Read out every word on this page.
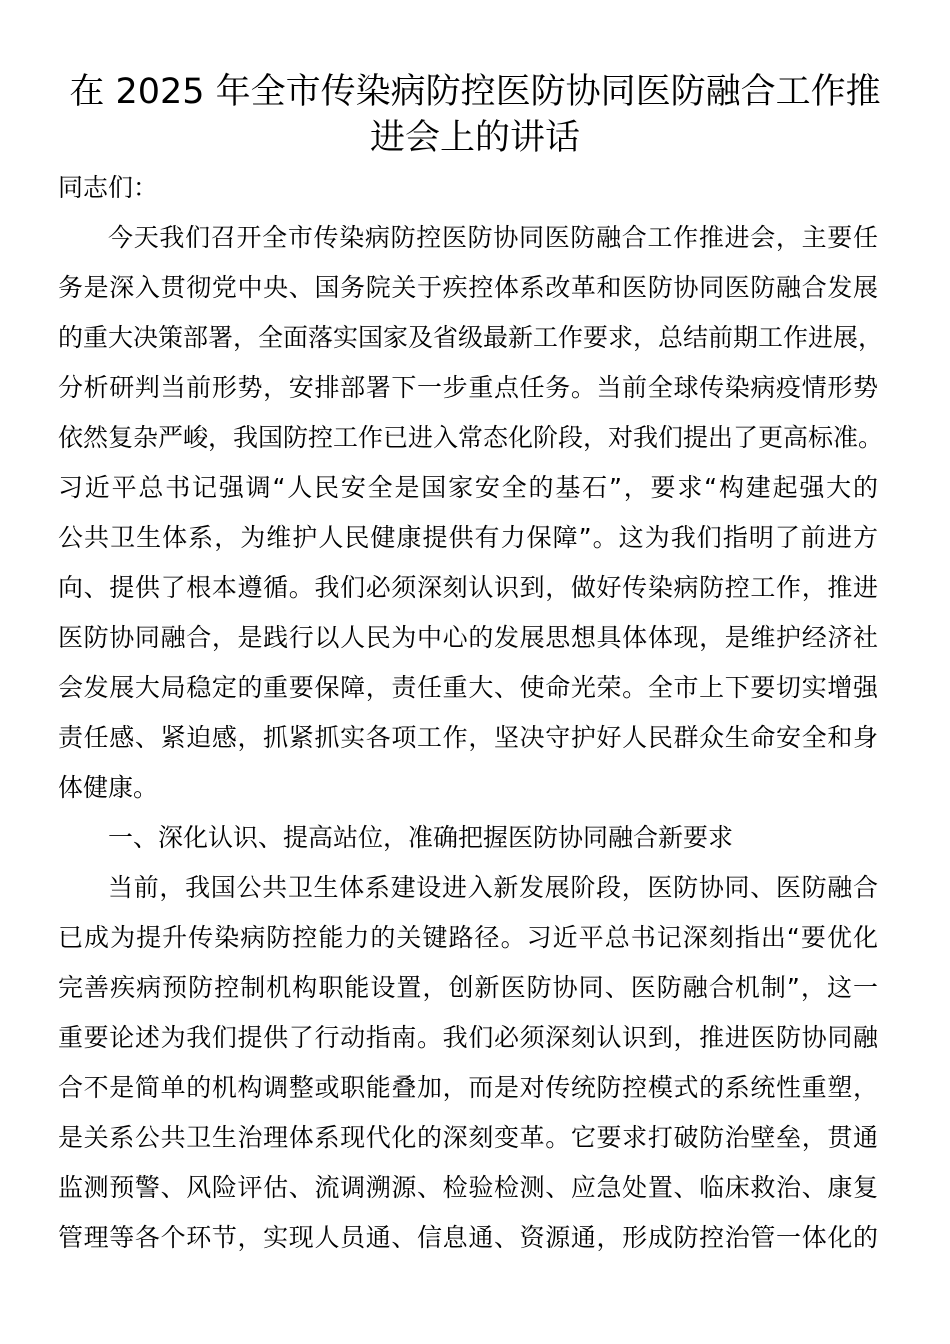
在 2025 年全市传染病防控医防协同医防融合工作推
进会上的讲话
同志们：
今天我们召开全市传染病防控医防协同医防融合工作推进会，主要任
务是深入贯彻党中央、国务院关于疾控体系改革和医防协同医防融合发展
的重大决策部署，全面落实国家及省级最新工作要求，总结前期工作进展，
分析研判当前形势，安排部署下一步重点任务。当前全球传染病疫情形势
依然复杂严峻，我国防控工作已进入常态化阶段，对我们提出了更高标准。
习近平总书记强调“人民安全是国家安全的基石”，要求“构建起强大的
公共卫生体系，为维护人民健康提供有力保障”。这为我们指明了前进方
向、提供了根本遵循。我们必须深刻认识到，做好传染病防控工作，推进
医防协同融合，是践行以人民为中心的发展思想具体体现，是维护经济社
会发展大局稳定的重要保障，责任重大、使命光荣。全市上下要切实增强
责任感、紧迫感，抓紧抓实各项工作，坚决守护好人民群众生命安全和身
体健康。
一、深化认识、提高站位，准确把握医防协同融合新要求
当前，我国公共卫生体系建设进入新发展阶段，医防协同、医防融合
已成为提升传染病防控能力的关键路径。习近平总书记深刻指出“要优化
完善疾病预防控制机构职能设置，创新医防协同、医防融合机制”，这一
重要论述为我们提供了行动指南。我们必须深刻认识到，推进医防协同融
合不是简单的机构调整或职能叠加，而是对传统防控模式的系统性重塑，
是关系公共卫生治理体系现代化的深刻变革。它要求打破防治壁垒，贯通
监测预警、风险评估、流调溯源、检验检测、应急处置、临床救治、康复
管理等各个环节，实现人员通、信息通、资源通，形成防控治管一体化的
